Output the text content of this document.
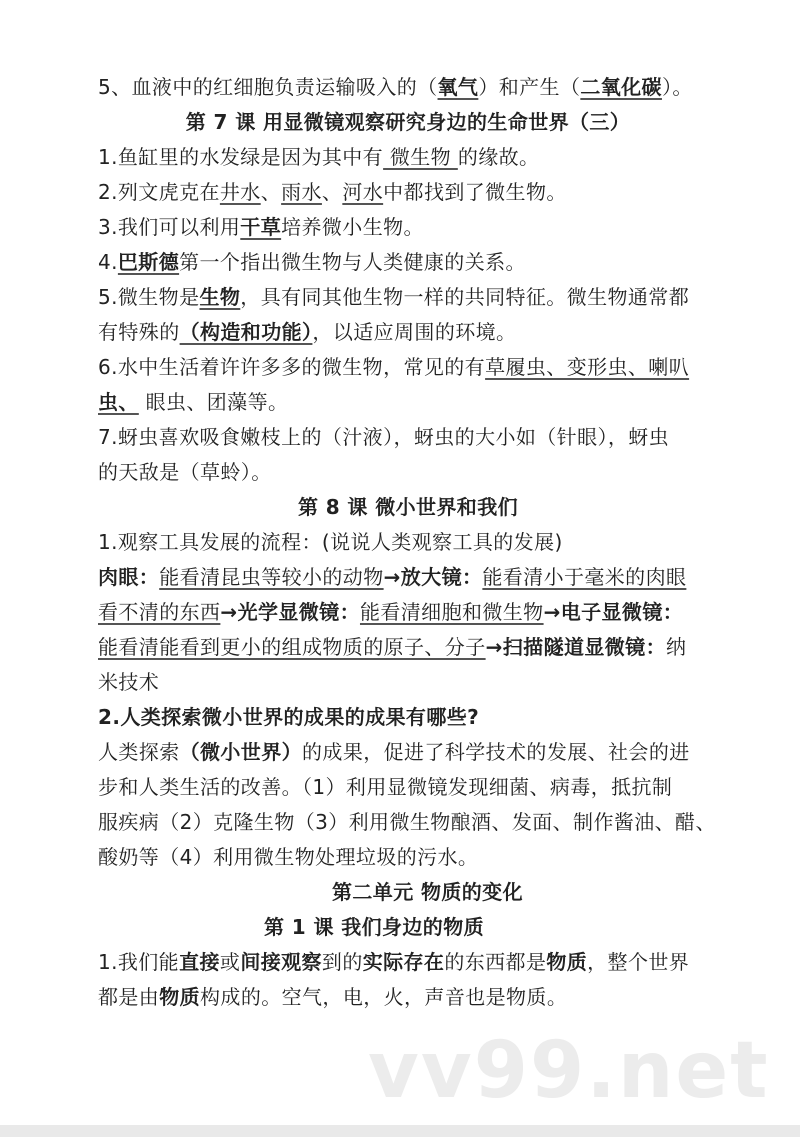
5、血液中的红细胞负责运输吸入的（氧气）和产生（二氧化碳）。
第 7 课 用显微镜观察研究身边的生命世界（三）
1.鱼缸里的水发绿是因为其中有 微生物 的缘故。
2.列文虎克在井水、雨水、河水中都找到了微生物。
3.我们可以利用干草培养微小生物。
4.巴斯德第一个指出微生物与人类健康的关系。
5.微生物是生物，具有同其他生物一样的共同特征。微生物通常都
有特殊的（构造和功能），以适应周围的环境。
6.水中生活着许许多多的微生物，常见的有草履虫、变形虫、喇叭
虫、 眼虫、团藻等。
7.蚜虫喜欢吸食嫩枝上的（汁液），蚜虫的大小如（针眼），蚜虫
的天敌是（草蛉）。
第 8 课 微小世界和我们
1.观察工具发展的流程：(说说人类观察工具的发展)
肉眼：能看清昆虫等较小的动物→放大镜：能看清小于毫米的肉眼
看不清的东西→光学显微镜：能看清细胞和微生物→电子显微镜：
能看清能看到更小的组成物质的原子、分子→扫描隧道显微镜：纳
米技术
2.人类探索微小世界的成果的成果有哪些?
人类探索（微小世界）的成果，促进了科学技术的发展、社会的进
步和人类生活的改善。（1）利用显微镜发现细菌、病毒，抵抗制
服疾病（2）克隆生物（3）利用微生物酿酒、发面、制作酱油、醋、
酸奶等（4）利用微生物处理垃圾的污水。
第二单元 物质的变化
第 1 课 我们身边的物质
1.我们能直接或间接观察到的实际存在的东西都是物质，整个世界
都是由物质构成的。空气，电，火，声音也是物质。
vv99.net
